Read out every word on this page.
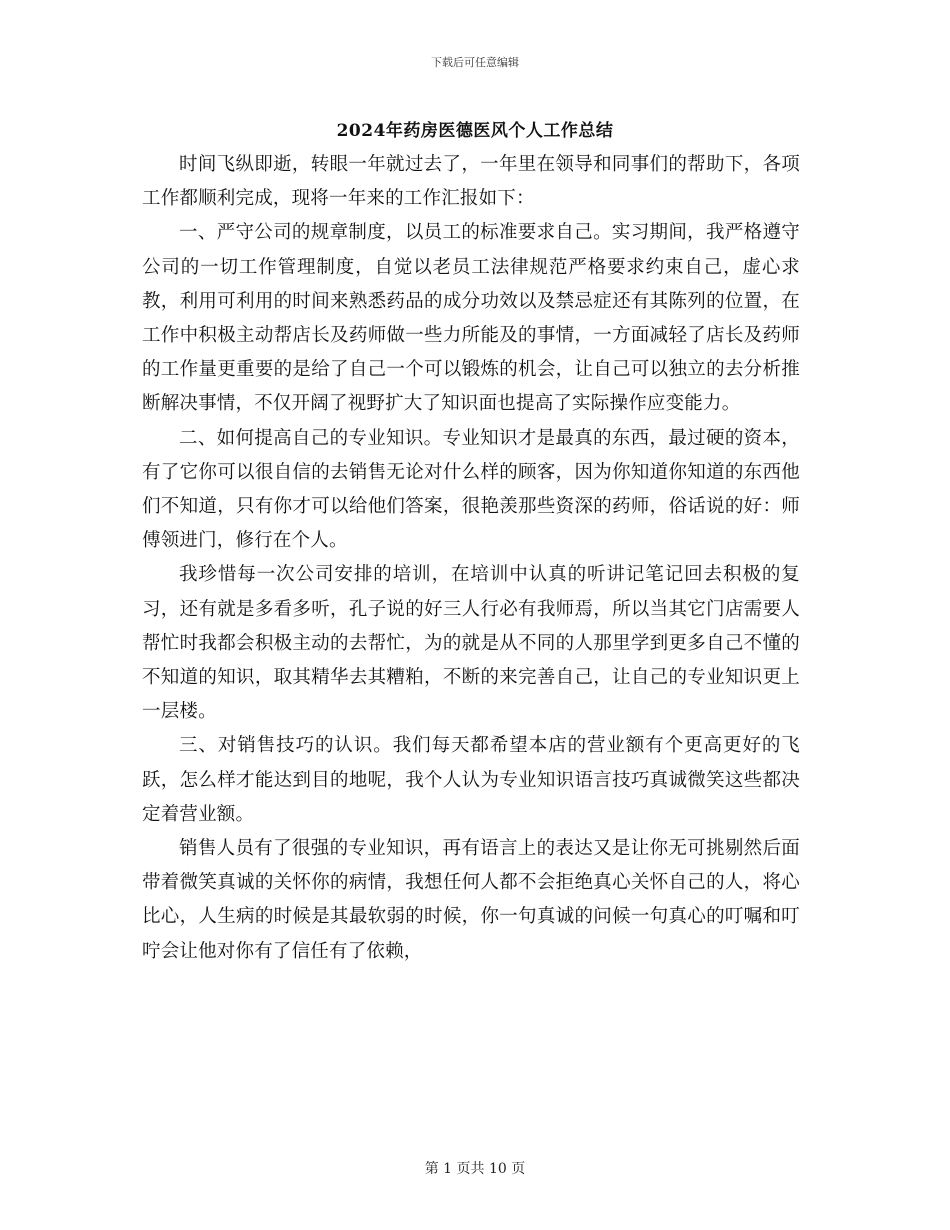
下载后可任意编辑
2024年药房医德医风个人工作总结

时间飞纵即逝，转眼一年就过去了，一年里在领导和同事们的帮助下，各项工作都顺利完成，现将一年来的工作汇报如下：

一、严守公司的规章制度，以员工的标准要求自己。实习期间，我严格遵守公司的一切工作管理制度，自觉以老员工法律规范严格要求约束自己，虚心求教，利用可利用的时间来熟悉药品的成分功效以及禁忌症还有其陈列的位置，在工作中积极主动帮店长及药师做一些力所能及的事情，一方面减轻了店长及药师的工作量更重要的是给了自己一个可以锻炼的机会，让自己可以独立的去分析推断解决事情，不仅开阔了视野扩大了知识面也提高了实际操作应变能力。

二、如何提高自己的专业知识。专业知识才是最真的东西，最过硬的资本，有了它你可以很自信的去销售无论对什么样的顾客，因为你知道你知道的东西他们不知道，只有你才可以给他们答案，很艳羡那些资深的药师，俗话说的好：师傅领进门，修行在个人。

我珍惜每一次公司安排的培训，在培训中认真的听讲记笔记回去积极的复习，还有就是多看多听，孔子说的好三人行必有我师焉，所以当其它门店需要人帮忙时我都会积极主动的去帮忙，为的就是从不同的人那里学到更多自己不懂的不知道的知识，取其精华去其糟粕，不断的来完善自己，让自己的专业知识更上一层楼。

三、对销售技巧的认识。我们每天都希望本店的营业额有个更高更好的飞跃，怎么样才能达到目的地呢，我个人认为专业知识语言技巧真诚微笑这些都决定着营业额。

销售人员有了很强的专业知识，再有语言上的表达又是让你无可挑剔然后面带着微笑真诚的关怀你的病情，我想任何人都不会拒绝真心关怀自己的人，将心比心，人生病的时候是其最软弱的时候，你一句真诚的问候一句真心的叮嘱和叮咛会让他对你有了信任有了依赖，

第 1 页共 10 页
